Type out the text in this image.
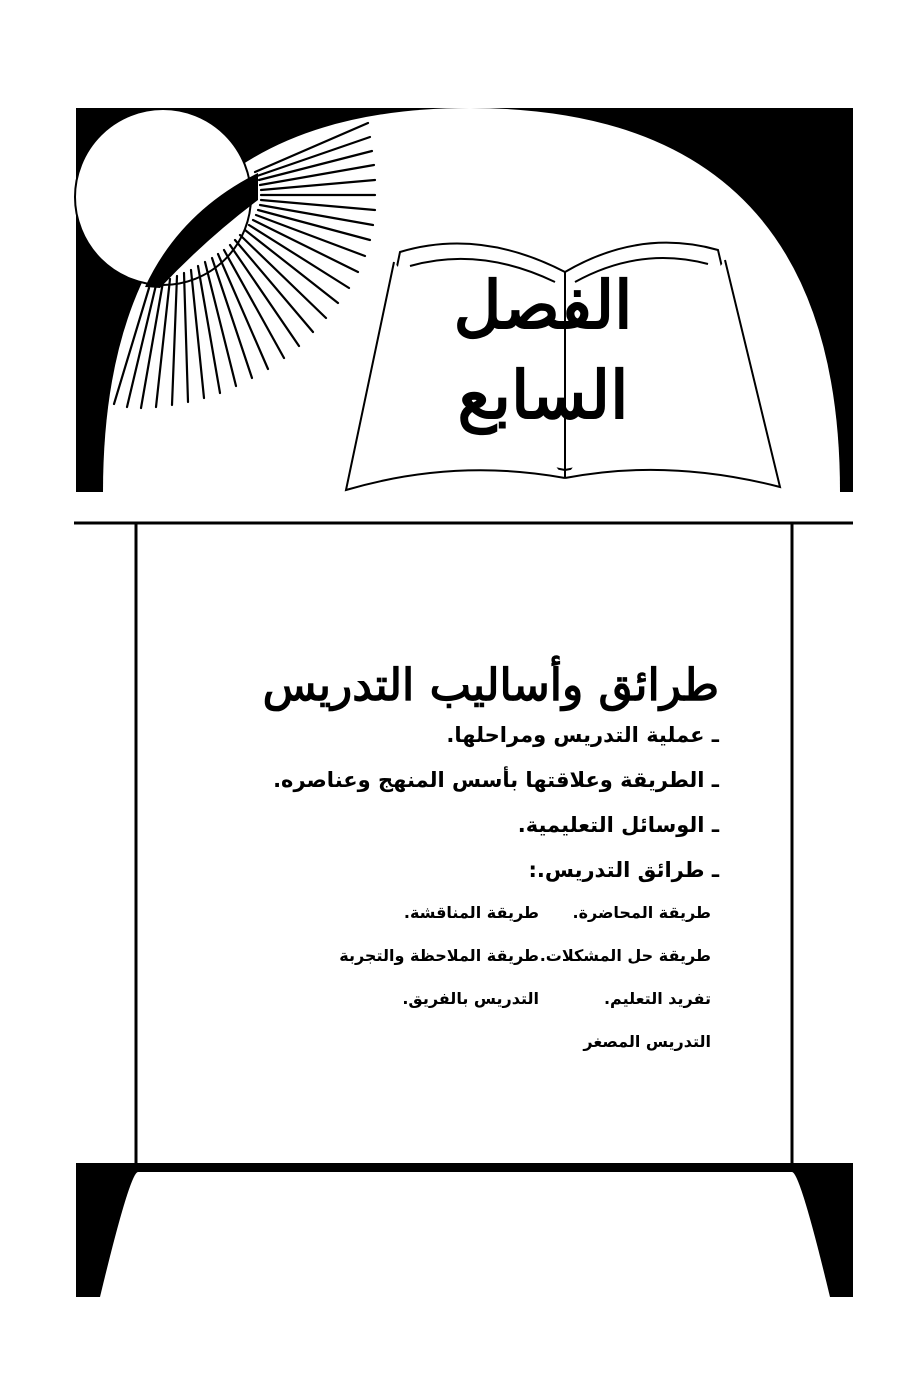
الفصل
السابع
طرائق وأساليب التدريس
ـ عملية التدريس ومراحلها.
ـ الطريقة وعلاقتها بأسس المنهج وعناصره.
ـ الوسائل التعليمية.
ـ طرائق التدريس.:
طريقة المحاضرة.
طريقة المناقشة.
طريقة حل المشكلات.
طريقة الملاحظة والتجربة
تفريد التعليم.
التدريس بالفريق.
التدريس المصغر
